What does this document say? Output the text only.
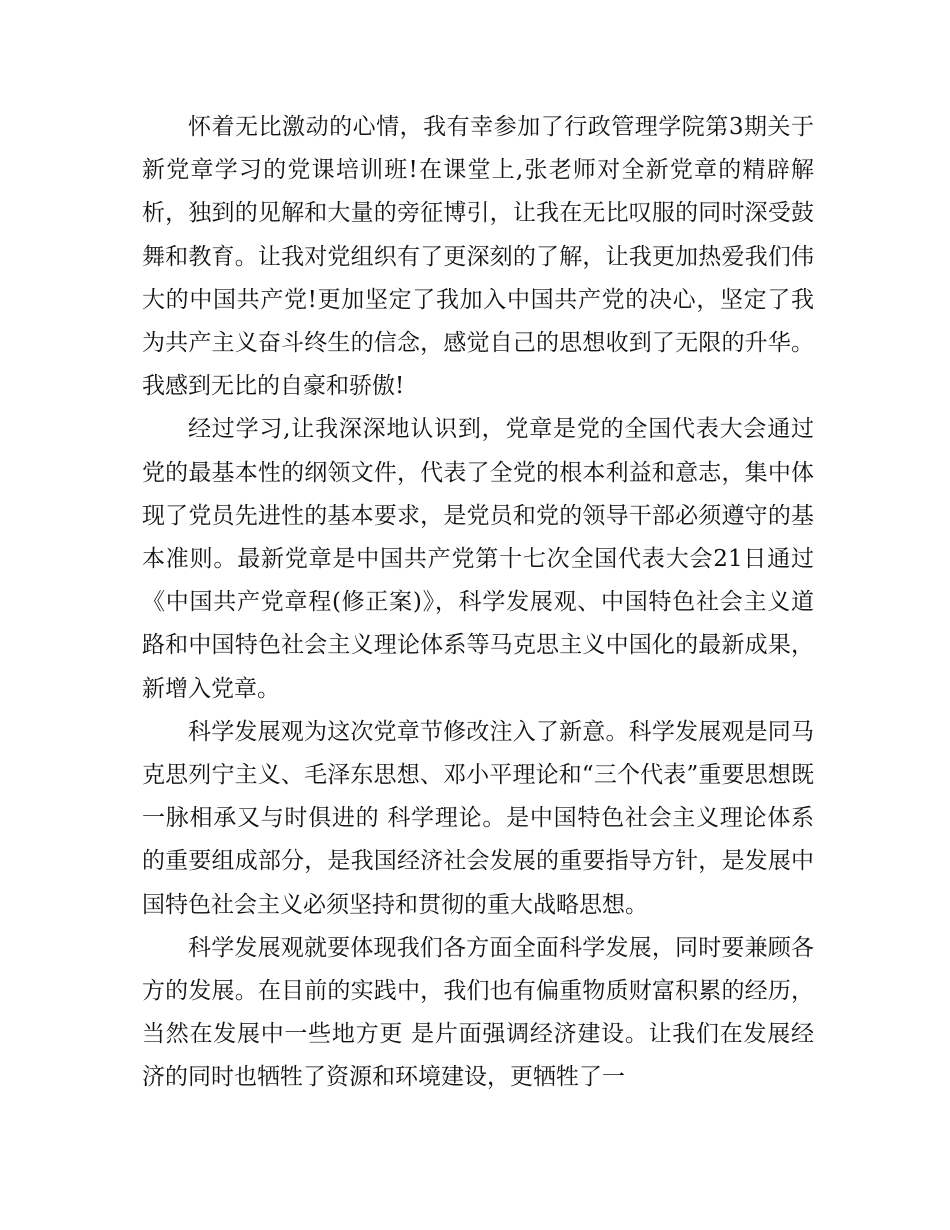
怀着无比激动的心情，我有幸参加了行政管理学院第3期关于新党章学习的党课培训班!在课堂上,张老师对全新党章的精辟解析，独到的见解和大量的旁征博引，让我在无比叹服的同时深受鼓舞和教育。让我对党组织有了更深刻的了解，让我更加热爱我们伟大的中国共产党!更加坚定了我加入中国共产党的决心，坚定了我为共产主义奋斗终生的信念，感觉自己的思想收到了无限的升华。我感到无比的自豪和骄傲!

经过学习,让我深深地认识到，党章是党的全国代表大会通过党的最基本性的纲领文件，代表了全党的根本利益和意志，集中体现了党员先进性的基本要求，是党员和党的领导干部必须遵守的基本准则。最新党章是中国共产党第十七次全国代表大会21日通过《中国共产党章程(修正案)》，科学发展观、中国特色社会主义道路和中国特色社会主义理论体系等马克思主义中国化的最新成果，新增入党章。

科学发展观为这次党章节修改注入了新意。科学发展观是同马克思列宁主义、毛泽东思想、邓小平理论和“三个代表”重要思想既一脉相承又与时俱进的 科学理论。是中国特色社会主义理论体系的重要组成部分，是我国经济社会发展的重要指导方针，是发展中国特色社会主义必须坚持和贯彻的重大战略思想。

科学发展观就要体现我们各方面全面科学发展，同时要兼顾各方的发展。在目前的实践中，我们也有偏重物质财富积累的经历，当然在发展中一些地方更 是片面强调经济建设。让我们在发展经济的同时也牺牲了资源和环境建设，更牺牲了一
